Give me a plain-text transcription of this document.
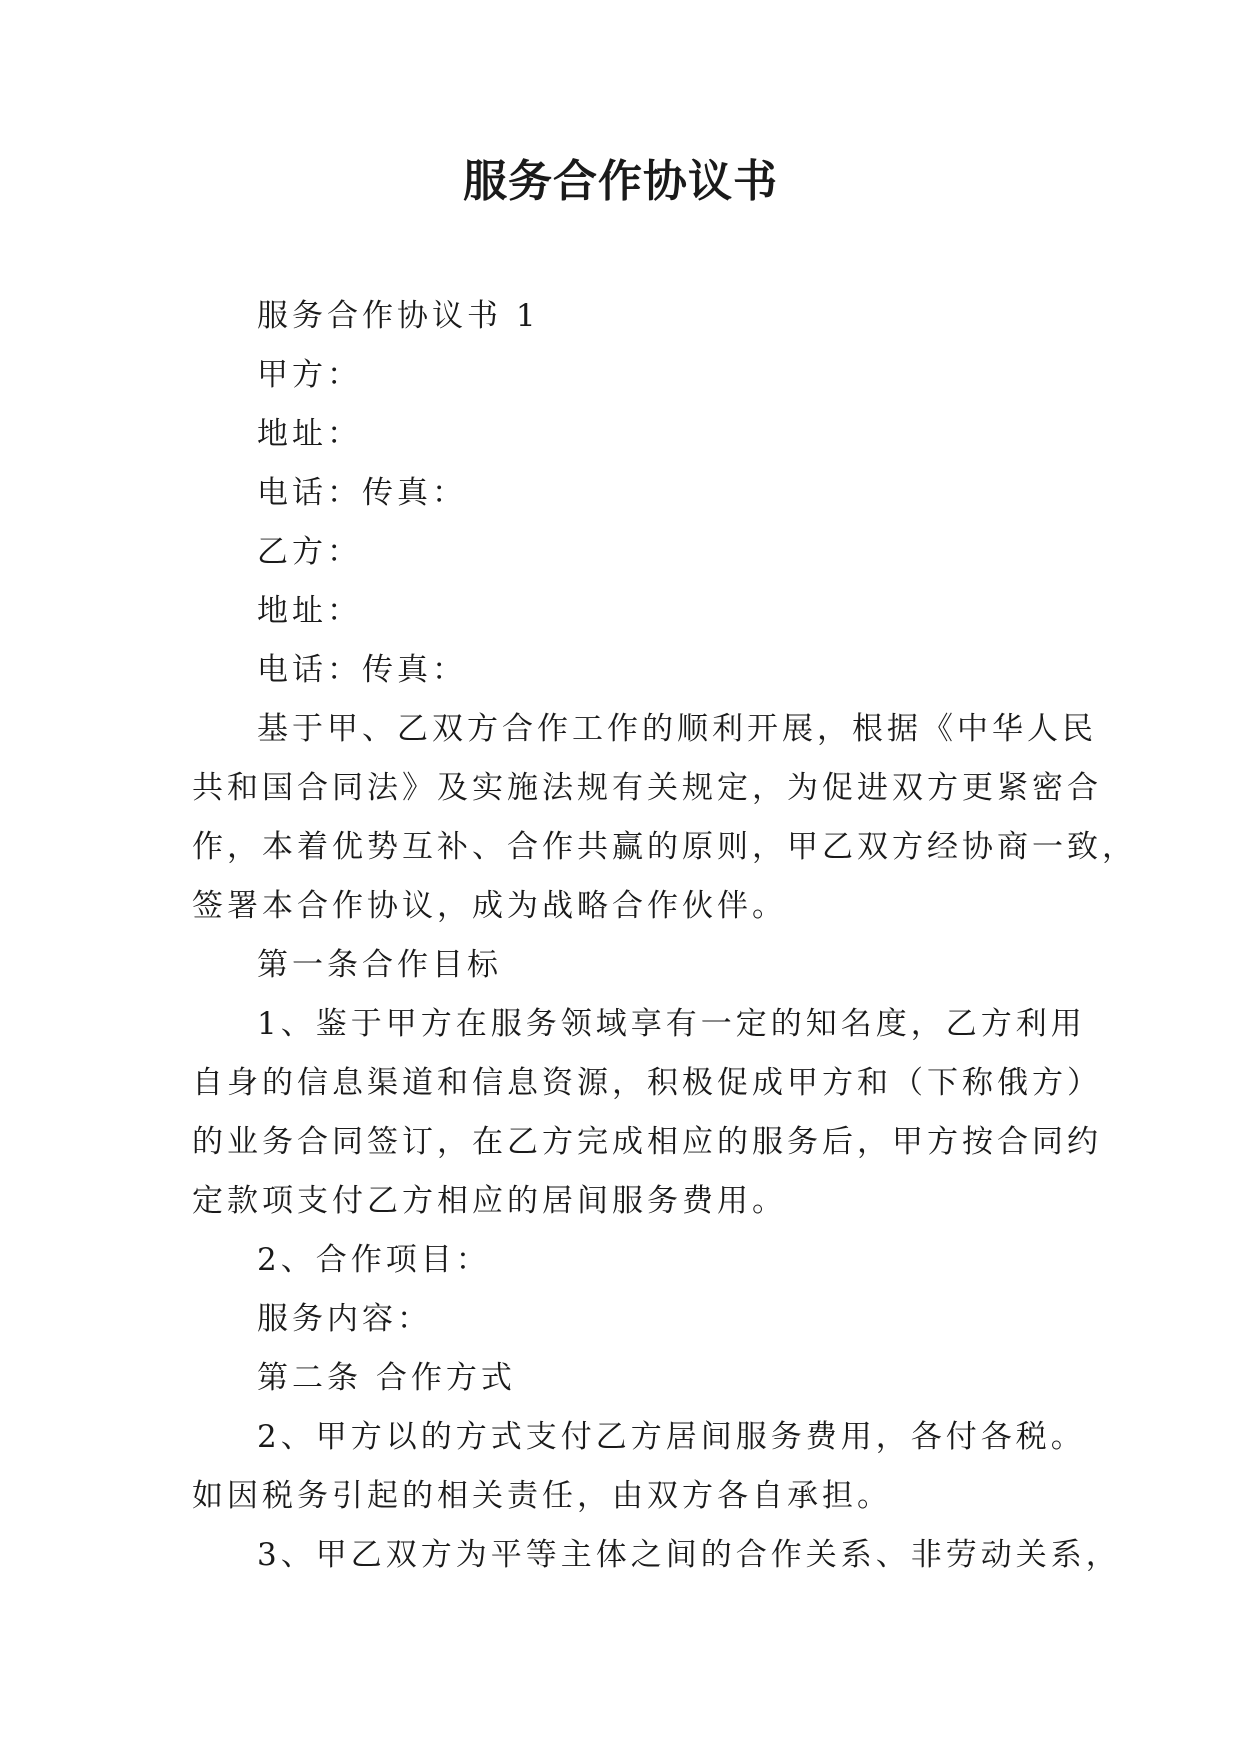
服务合作协议书
服务合作协议书 1
甲方：
地址：
电话：传真：
乙方：
地址：
电话：传真：
基于甲、乙双方合作工作的顺利开展，根据《中华人民
共和国合同法》及实施法规有关规定，为促进双方更紧密合
作，本着优势互补、合作共赢的原则，甲乙双方经协商一致，
签署本合作协议，成为战略合作伙伴。
第一条合作目标
1、鉴于甲方在服务领域享有一定的知名度，乙方利用
自身的信息渠道和信息资源，积极促成甲方和（下称俄方）
的业务合同签订，在乙方完成相应的服务后，甲方按合同约
定款项支付乙方相应的居间服务费用。
2、合作项目：
服务内容：
第二条 合作方式
2、甲方以的方式支付乙方居间服务费用，各付各税。
如因税务引起的相关责任，由双方各自承担。
3、甲乙双方为平等主体之间的合作关系、非劳动关系，
